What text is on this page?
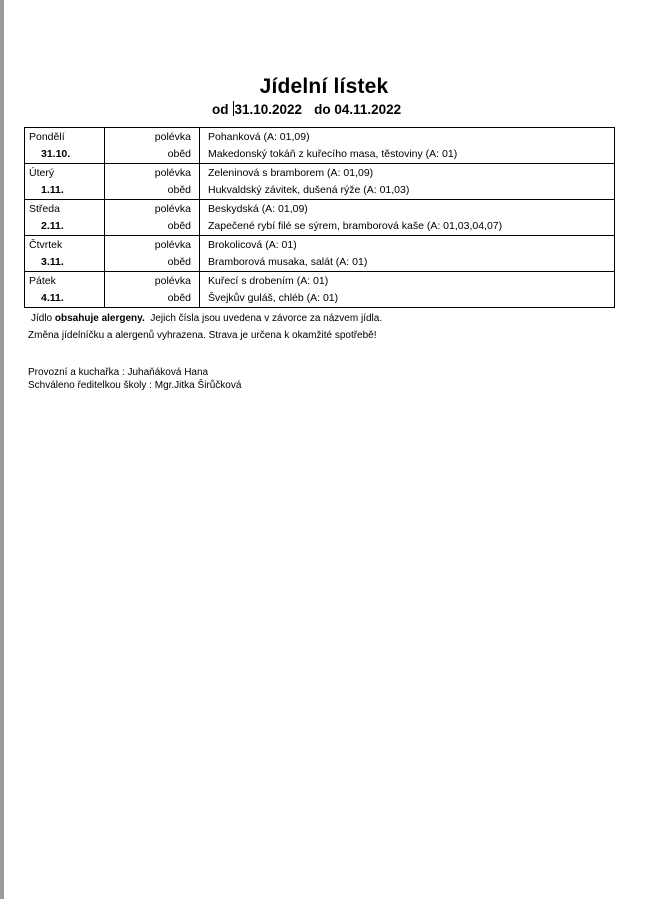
Jídelní lístek
od 31.10.2022 do 04.11.2022
Pondělí	polévka	Pohanková (A: 01,09)
31.10.	oběd	Makedonský tokáň z kuřecího masa, těstoviny (A: 01)
Úterý	polévka	Zeleninová s bramborem (A: 01,09)
1.11.	oběd	Hukvaldský závitek, dušená rýže (A: 01,03)
Středa	polévka	Beskydská (A: 01,09)
2.11.	oběd	Zapečené rybí filé se sýrem, bramborová kaše (A: 01,03,04,07)
Čtvrtek	polévka	Brokolicová (A: 01)
3.11.	oběd	Bramborová musaka, salát (A: 01)
Pátek	polévka	Kuřecí s drobením (A: 01)
4.11.	oběd	Švejkův guláš, chléb (A: 01)
Jídlo obsahuje alergeny. Jejich čísla jsou uvedena v závorce za názvem jídla.
Změna jídelníčku a alergenů vyhrazena. Strava je určena k okamžité spotřebě!
Provozní a kuchařka : Juhaňáková Hana
Schváleno ředitelkou školy : Mgr.Jitka Širůčková
